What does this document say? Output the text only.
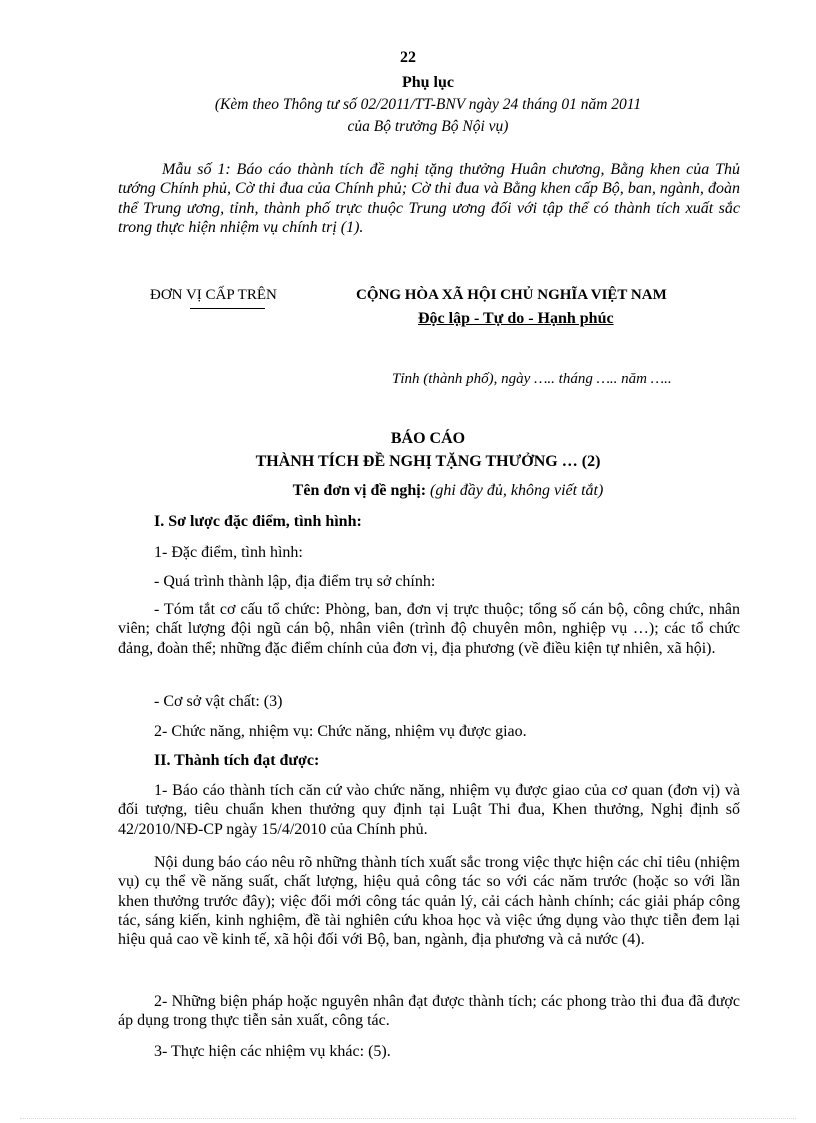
22
Phụ lục
(Kèm theo Thông tư số 02/2011/TT-BNV ngày 24 tháng 01 năm 2011
của Bộ trưởng Bộ Nội vụ)

Mẫu số 1: Báo cáo thành tích đề nghị tặng thưởng Huân chương, Bằng khen của Thủ tướng Chính phủ, Cờ thi đua của Chính phủ; Cờ thi đua và Bằng khen cấp Bộ, ban, ngành, đoàn thể Trung ương, tỉnh, thành phố trực thuộc Trung ương đối với tập thể có thành tích xuất sắc trong thực hiện nhiệm vụ chính trị (1).

ĐƠN VỊ CẤP TRÊN	CỘNG HÒA XÃ HỘI CHỦ NGHĨA VIỆT NAM
Độc lập - Tự do - Hạnh phúc
Tỉnh (thành phố), ngày ….. tháng ….. năm …..
BÁO CÁO
THÀNH TÍCH ĐỀ NGHỊ TẶNG THƯỞNG … (2)
Tên đơn vị đề nghị: (ghi đầy đủ, không viết tắt)

I. Sơ lược đặc điểm, tình hình:

1- Đặc điểm, tình hình:

- Quá trình thành lập, địa điểm trụ sở chính:

- Tóm tắt cơ cấu tổ chức: Phòng, ban, đơn vị trực thuộc; tổng số cán bộ, công chức, nhân viên; chất lượng đội ngũ cán bộ, nhân viên (trình độ chuyên môn, nghiệp vụ …); các tổ chức đảng, đoàn thể; những đặc điểm chính của đơn vị, địa phương (về điều kiện tự nhiên, xã hội).

- Cơ sở vật chất: (3)

2- Chức năng, nhiệm vụ: Chức năng, nhiệm vụ được giao.

II. Thành tích đạt được:

1- Báo cáo thành tích căn cứ vào chức năng, nhiệm vụ được giao của cơ quan (đơn vị) và đối tượng, tiêu chuẩn khen thưởng quy định tại Luật Thi đua, Khen thưởng, Nghị định số 42/2010/NĐ-CP ngày 15/4/2010 của Chính phủ.

Nội dung báo cáo nêu rõ những thành tích xuất sắc trong việc thực hiện các chỉ tiêu (nhiệm vụ) cụ thể về năng suất, chất lượng, hiệu quả công tác so với các năm trước (hoặc so với lần khen thưởng trước đây); việc đổi mới công tác quản lý, cải cách hành chính; các giải pháp công tác, sáng kiến, kinh nghiệm, đề tài nghiên cứu khoa học và việc ứng dụng vào thực tiễn đem lại hiệu quả cao về kinh tế, xã hội đối với Bộ, ban, ngành, địa phương và cả nước (4).

2- Những biện pháp hoặc nguyên nhân đạt được thành tích; các phong trào thi đua đã được áp dụng trong thực tiễn sản xuất, công tác.

3- Thực hiện các nhiệm vụ khác: (5).
